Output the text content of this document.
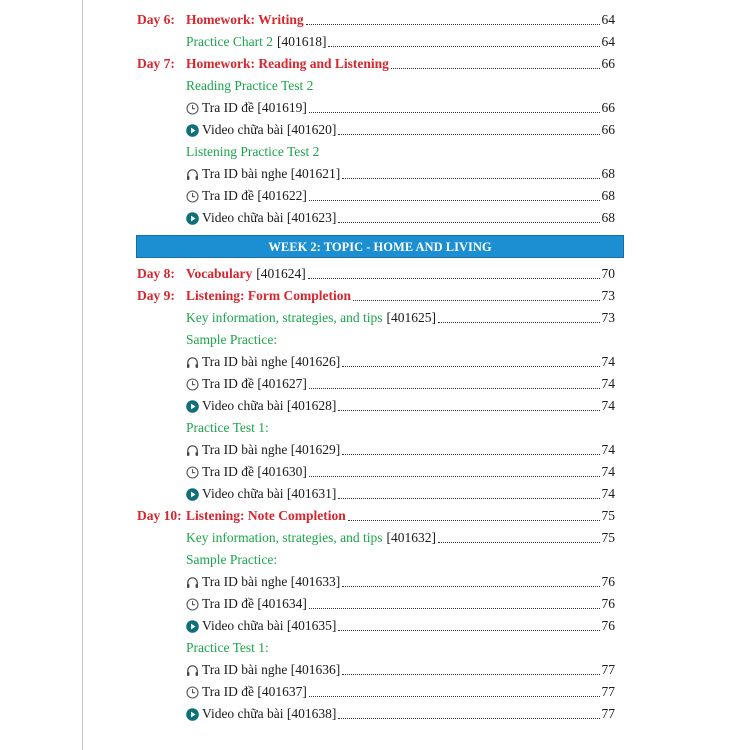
Day 6: Homework: Writing	64
Practice Chart 2 [401618]	64
Day 7: Homework: Reading and Listening	66
Reading Practice Test 2
Tra ID đề [401619]	66
Video chữa bài [401620]	66
Listening Practice Test 2
Tra ID bài nghe [401621]	68
Tra ID đề [401622]	68
Video chữa bài [401623]	68
WEEK 2: TOPIC - HOME AND LIVING
Day 8: Vocabulary [401624]	70
Day 9: Listening: Form Completion	73
Key information, strategies, and tips [401625]	73
Sample Practice:
Tra ID bài nghe [401626]	74
Tra ID đề [401627]	74
Video chữa bài [401628]	74
Practice Test 1:
Tra ID bài nghe [401629]	74
Tra ID đề [401630]	74
Video chữa bài [401631]	74
Day 10: Listening: Note Completion	75
Key information, strategies, and tips [401632]	75
Sample Practice:
Tra ID bài nghe [401633]	76
Tra ID đề [401634]	76
Video chữa bài [401635]	76
Practice Test 1:
Tra ID bài nghe [401636]	77
Tra ID đề [401637]	77
Video chữa bài [401638]	77
